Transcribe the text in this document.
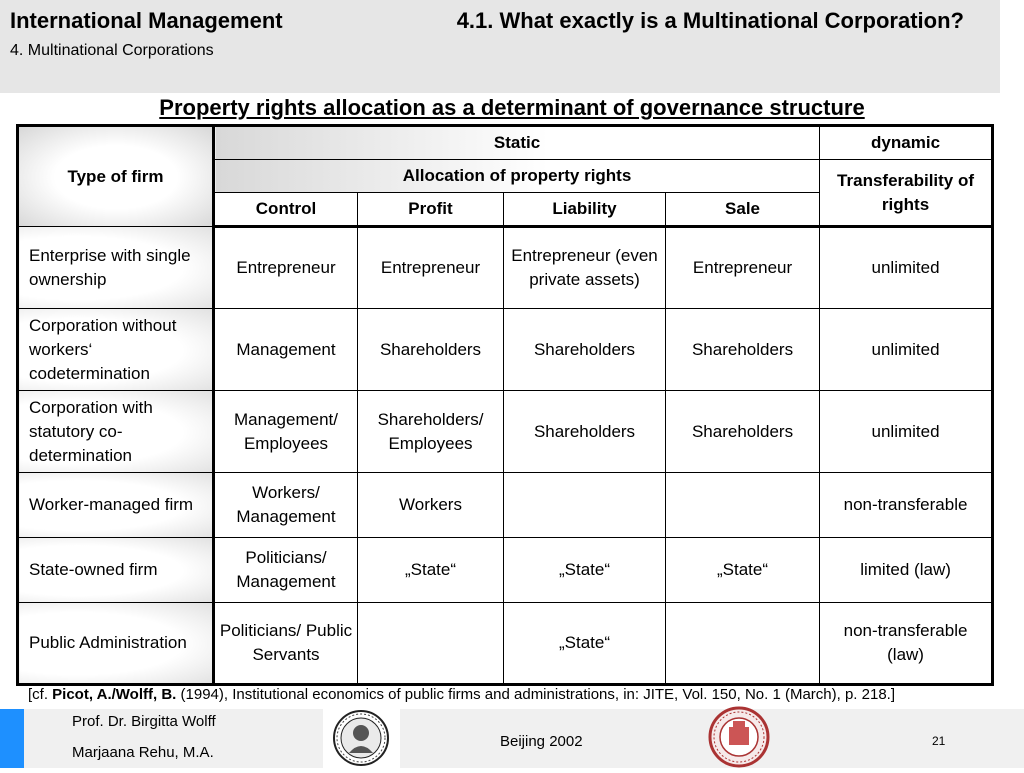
International Management
4. Multinational Corporations
4.1. What exactly is a Multinational Corporation?
Property rights allocation as a determinant of governance structure
Type of firm	Static				dynamic
	Allocation of property rights				Transferability of rights
	Control	Profit	Liability	Sale	
Enterprise with single ownership	Entrepreneur	Entrepreneur	Entrepreneur (even private assets)	Entrepreneur	unlimited
Corporation without workers‘ codetermination	Management	Shareholders	Shareholders	Shareholders	unlimited
Corporation with statutory co-determination	Management/ Employees	Shareholders/ Employees	Shareholders	Shareholders	unlimited
Worker-managed firm	Workers/ Management	Workers			non-transferable
State-owned firm	Politicians/ Management	„State“	„State“	„State“	limited (law)
Public Administration	Politicians/ Public Servants		„State“		non-transferable (law)
[cf. Picot, A./Wolff, B. (1994), Institutional economics of public firms and administrations, in: JITE, Vol. 150, No. 1 (March), p. 218.]
Prof. Dr. Birgitta Wolff
Marjaana Rehu, M.A.
Beijing 2002	21
